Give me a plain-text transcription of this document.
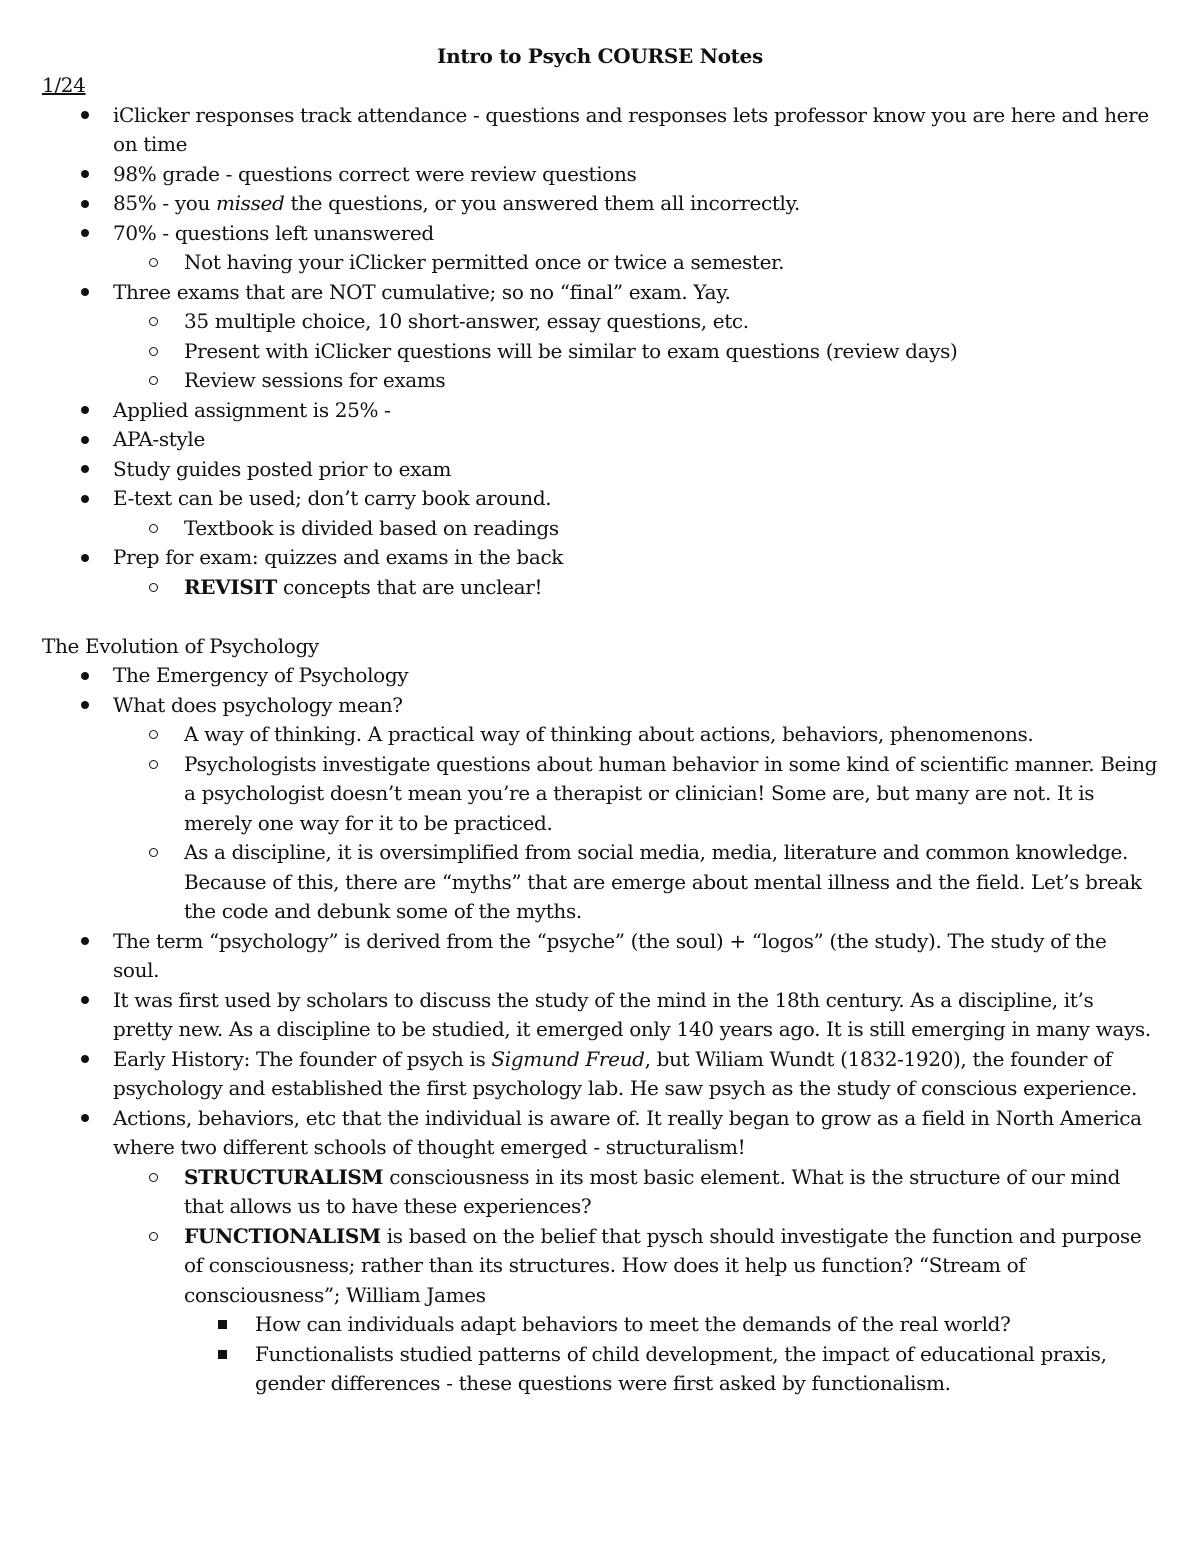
Intro to Psych COURSE Notes
1/24
iClicker responses track attendance - questions and responses lets professor know you are here and here on time
98% grade - questions correct were review questions
85% - you missed the questions, or you answered them all incorrectly.
70% - questions left unanswered
Not having your iClicker permitted once or twice a semester.
Three exams that are NOT cumulative; so no “final” exam. Yay.
35 multiple choice, 10 short-answer, essay questions, etc.
Present with iClicker questions will be similar to exam questions (review days)
Review sessions for exams
Applied assignment is 25% -
APA-style
Study guides posted prior to exam
E-text can be used; don’t carry book around.
Textbook is divided based on readings
Prep for exam: quizzes and exams in the back
REVISIT concepts that are unclear!
The Evolution of Psychology
The Emergency of Psychology
What does psychology mean?
A way of thinking. A practical way of thinking about actions, behaviors, phenomenons.
Psychologists investigate questions about human behavior in some kind of scientific manner. Being a psychologist doesn’t mean you’re a therapist or clinician! Some are, but many are not. It is merely one way for it to be practiced.
As a discipline, it is oversimplified from social media, media, literature and common knowledge. Because of this, there are “myths” that are emerge about mental illness and the field. Let’s break the code and debunk some of the myths.
The term “psychology” is derived from the “psyche” (the soul) + “logos” (the study). The study of the soul.
It was first used by scholars to discuss the study of the mind in the 18th century. As a discipline, it’s pretty new. As a discipline to be studied, it emerged only 140 years ago. It is still emerging in many ways.
Early History: The founder of psych is Sigmund Freud, but Wiliam Wundt (1832-1920), the founder of psychology and established the first psychology lab. He saw psych as the study of conscious experience.
Actions, behaviors, etc that the individual is aware of. It really began to grow as a field in North America where two different schools of thought emerged - structuralism!
STRUCTURALISM consciousness in its most basic element. What is the structure of our mind that allows us to have these experiences?
FUNCTIONALISM is based on the belief that pysch should investigate the function and purpose of consciousness; rather than its structures. How does it help us function? “Stream of consciousness”; William James
How can individuals adapt behaviors to meet the demands of the real world?
Functionalists studied patterns of child development, the impact of educational praxis, gender differences - these questions were first asked by functionalism.
